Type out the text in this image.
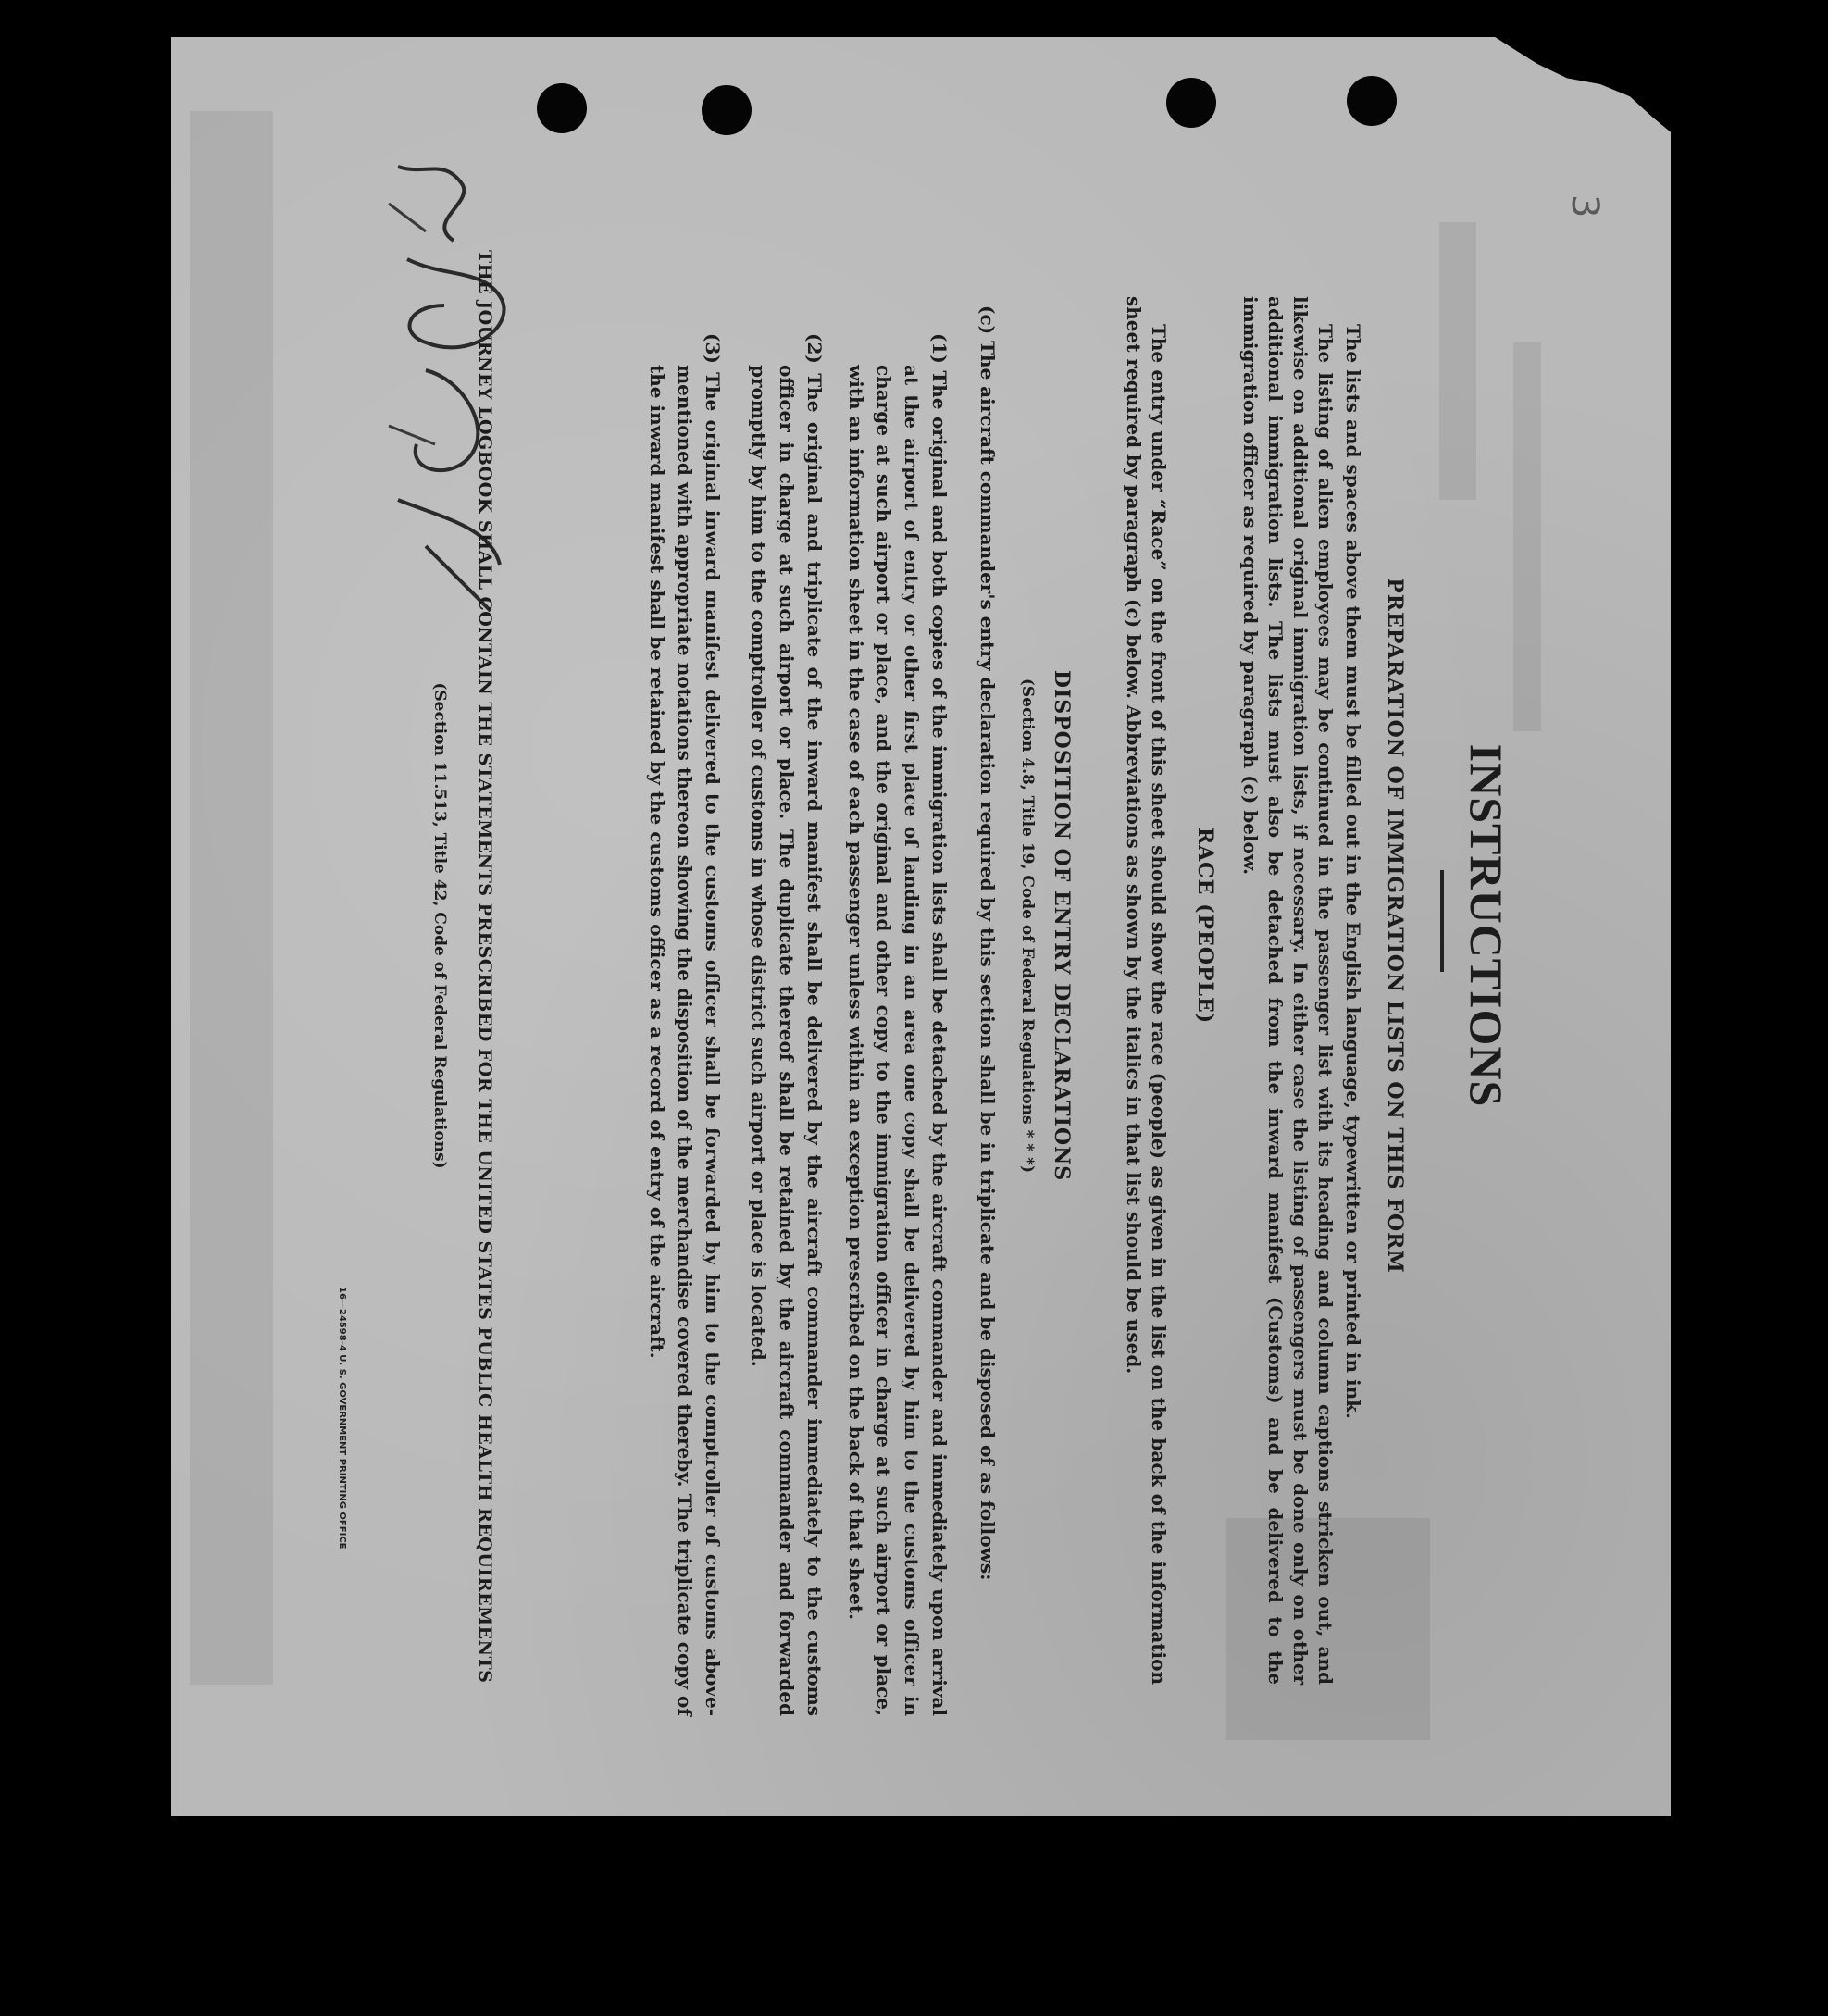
3
INSTRUCTIONS
PREPARATION OF IMMIGRATION LISTS ON THIS FORM
The lists and spaces above them must be filled out in the English language, typewritten or printed in ink.
The listing of alien employees may be continued in the passenger list with its heading and column captions stricken out, and likewise on additional original immigration lists, if necessary. In either case the listing of passengers must be done only on other additional immigration lists. The lists must also be detached from the inward manifest (Customs) and be delivered to the immigration officer as required by paragraph (c) below.
RACE (PEOPLE)
The entry under “Race” on the front of this sheet should show the race (people) as given in the list on the back of the information sheet required by paragraph (c) below. Abbreviations as shown by the italics in that list should be used.
DISPOSITION OF ENTRY DECLARATIONS
(Section 4.8, Title 19, Code of Federal Regulations * * *)
(c) The aircraft commander's entry declaration required by this section shall be in triplicate and be disposed of as follows:
(1) The original and both copies of the immigration lists shall be detached by the aircraft commander and immediately upon arrival at the airport of entry or other first place of landing in an area one copy shall be delivered by him to the customs officer in charge at such airport or place, and the original and other copy to the immigration officer in charge at such airport or place, with an information sheet in the case of each passenger unless within an exception prescribed on the back of that sheet.
(2) The original and triplicate of the inward manifest shall be delivered by the aircraft commander immediately to the customs officer in charge at such airport or place. The duplicate thereof shall be retained by the aircraft commander and forwarded promptly by him to the comptroller of customs in whose district such airport or place is located.
(3) The original inward manifest delivered to the customs officer shall be forwarded by him to the comptroller of customs above-mentioned with appropriate notations thereon showing the disposition of the merchandise covered thereby. The triplicate copy of the inward manifest shall be retained by the customs officer as a record of entry of the aircraft.
THE JOURNEY LOGBOOK SHALL CONTAIN THE STATEMENTS PRESCRIBED FOR THE UNITED STATES PUBLIC HEALTH REQUIREMENTS
(Section 11.513, Title 42, Code of Federal Regulations)
16—24598-4 U. S. GOVERNMENT PRINTING OFFICE
